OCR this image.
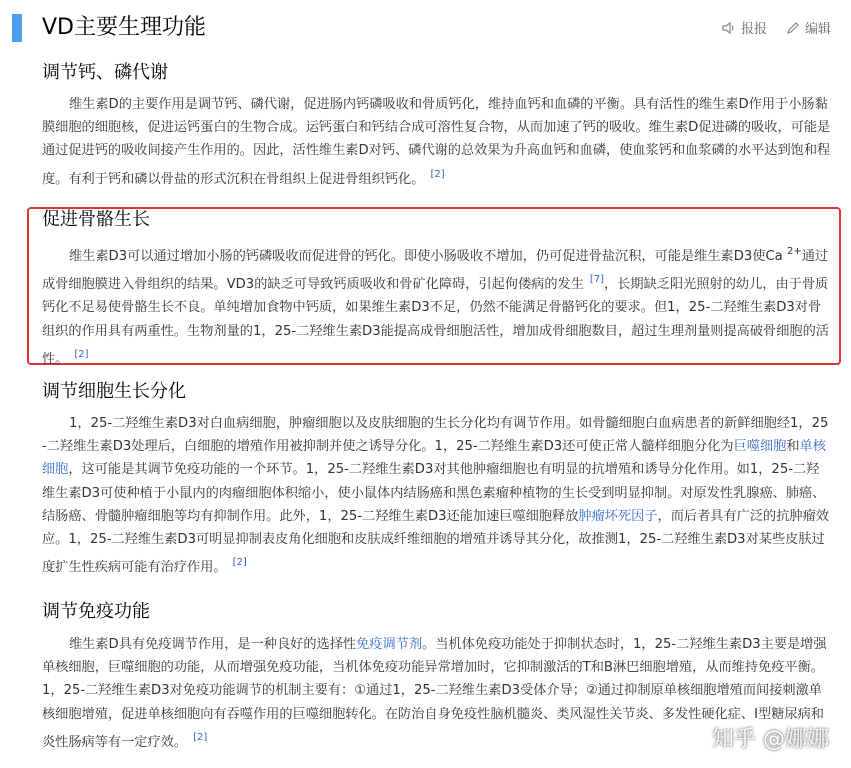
VD主要生理功能	报报	编辑
调节钙、磷代谢
维生素D的主要作用是调节钙、磷代谢，促进肠内钙磷吸收和骨质钙化，维持血钙和血磷的平衡。具有活性的维生素D作用于小肠黏膜细胞的细胞核，促进运钙蛋白的生物合成。运钙蛋白和钙结合成可溶性复合物，从而加速了钙的吸收。维生素D促进磷的吸收，可能是通过促进钙的吸收间接产生作用的。因此，活性维生素D对钙、磷代谢的总效果为升高血钙和血磷，使血浆钙和血浆磷的水平达到饱和程度。有利于钙和磷以骨盐的形式沉积在骨组织上促进骨组织钙化。 [2]
促进骨骼生长
维生素D3可以通过增加小肠的钙磷吸收而促进骨的钙化。即使小肠吸收不增加，仍可促进骨盐沉积，可能是维生素D3使Ca $^{2+}$通过成骨细胞膜进入骨组织的结果。VD3的缺乏可导致钙质吸收和骨矿化障碍，引起佝偻病的发生 [7]，长期缺乏阳光照射的幼儿，由于骨质钙化不足易使骨骼生长不良。单纯增加食物中钙质，如果维生素D3不足，仍然不能满足骨骼钙化的要求。但1，25-二羟维生素D3对骨组织的作用具有两重性。生物剂量的1，25-二羟维生素D3能提高成骨细胞活性，增加成骨细胞数目，超过生理剂量则提高破骨细胞的活性。 [2]
调节细胞生长分化
1，25-二羟维生素D3对白血病细胞，肿瘤细胞以及皮肤细胞的生长分化均有调节作用。如骨髓细胞白血病患者的新鲜细胞经1，25-二羟维生素D3处理后，白细胞的增殖作用被抑制并使之诱导分化。1，25-二羟维生素D3还可使正常人髓样细胞分化为巨噬细胞和单核细胞，这可能是其调节免疫功能的一个环节。1，25-二羟维生素D3对其他肿瘤细胞也有明显的抗增殖和诱导分化作用。如1，25-二羟维生素D3可使种植于小鼠内的肉瘤细胞体积缩小，使小鼠体内结肠癌和黑色素瘤种植物的生长受到明显抑制。对原发性乳腺癌、肺癌、结肠癌、骨髓肿瘤细胞等均有抑制作用。此外，1，25-二羟维生素D3还能加速巨噬细胞释放肿瘤坏死因子，而后者具有广泛的抗肿瘤效应。1，25-二羟维生素D3可明显抑制表皮角化细胞和皮肤成纤维细胞的增殖并诱导其分化，故推测1，25-二羟维生素D3对某些皮肤过度扩生性疾病可能有治疗作用。 [2]
调节免疫功能
维生素D具有免疫调节作用，是一种良好的选择性免疫调节剂。当机体免疫功能处于抑制状态时，1，25-二羟维生素D3主要是增强单核细胞，巨噬细胞的功能，从而增强免疫功能，当机体免疫功能异常增加时，它抑制激活的T和B淋巴细胞增殖，从而维持免疫平衡。1，25-二羟维生素D3对免疫功能调节的机制主要有：①通过1，25-二羟维生素D3受体介导；②通过抑制原单核细胞增殖而间接刺激单核细胞增殖，促进单核细胞向有吞噬作用的巨噬细胞转化。在防治自身免疫性脑机髓炎、类风湿性关节炎、多发性硬化症、Ⅰ型糖尿病和炎性肠病等有一定疗效。 [2]	知乎 @娜娜
